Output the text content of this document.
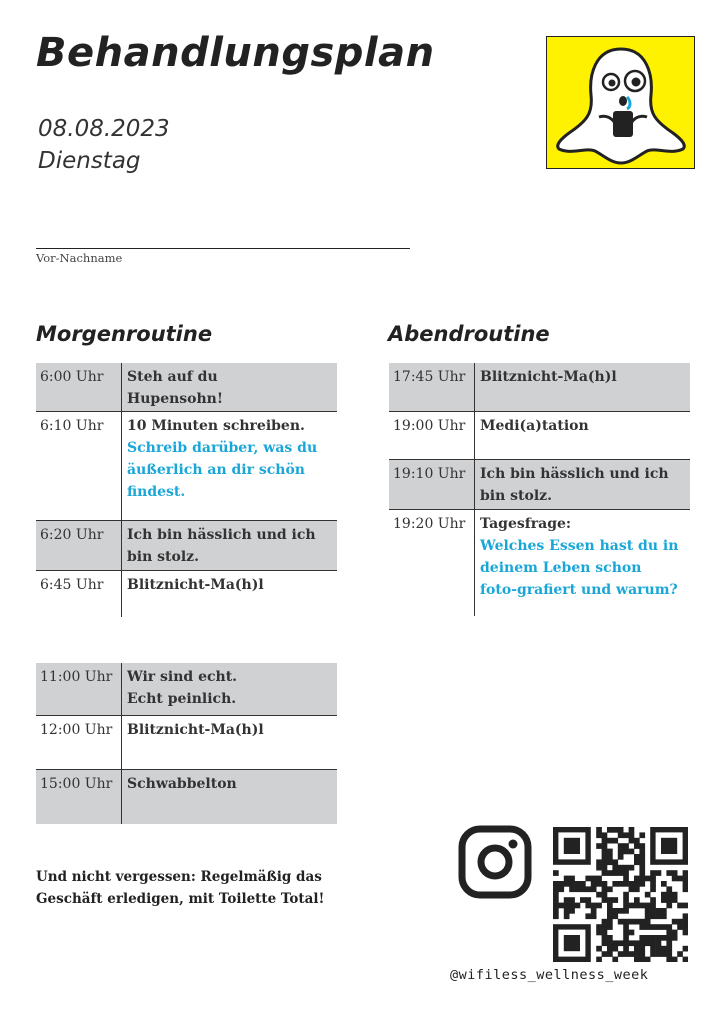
Behandlungsplan
08.08.2023
Dienstag
Vor-Nachname
Morgenroutine	Abendroutine
6:00 Uhr	Steh auf du Hupensohn!
6:10 Uhr	10 Minuten schreiben.
Schreib darüber, was du äußerlich an dir schön findest.
6:20 Uhr	Ich bin hässlich und ich bin stolz.
6:45 Uhr	Blitznicht-Ma(h)l
11:00 Uhr	Wir sind echt. Echt peinlich.
12:00 Uhr	Blitznicht-Ma(h)l
15:00 Uhr	Schwabbelton
17:45 Uhr	Blitznicht-Ma(h)l
19:00 Uhr	Medi(a)tation
19:10 Uhr	Ich bin hässlich und ich bin stolz.
19:20 Uhr	Tagesfrage:
Welches Essen hast du in deinem Leben schon foto-grafiert und warum?
Und nicht vergessen: Regelmäßig das Geschäft erledigen, mit Toilette Total!
@wifiless_wellness_week
